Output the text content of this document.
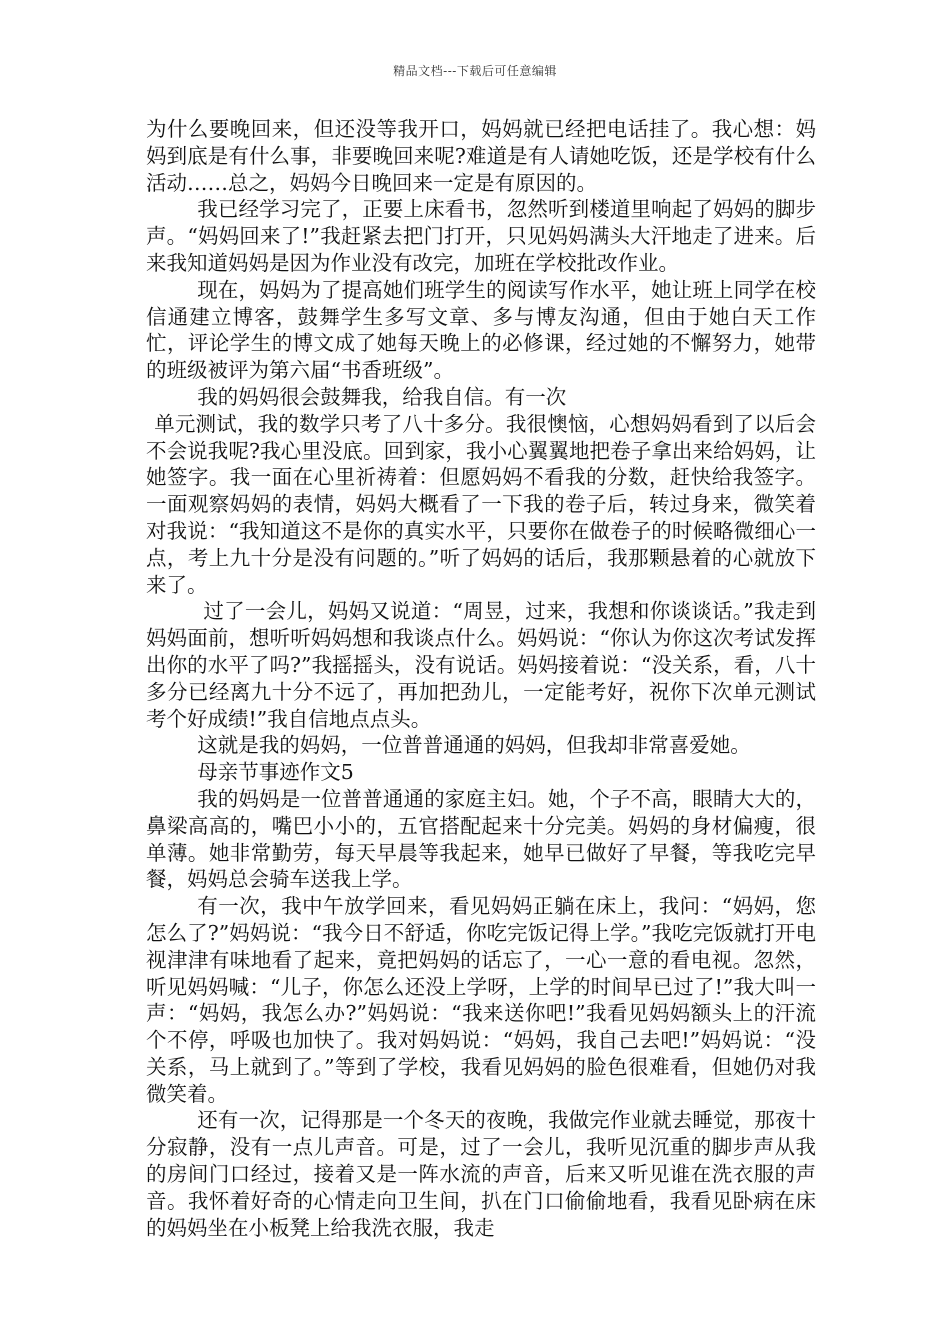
精品文档---下载后可任意编辑

为什么要晚回来，但还没等我开口，妈妈就已经把电话挂了。我心想：妈妈到底是有什么事，非要晚回来呢?难道是有人请她吃饭，还是学校有什么活动……总之，妈妈今日晚回来一定是有原因的。

我已经学习完了，正要上床看书，忽然听到楼道里响起了妈妈的脚步声。“妈妈回来了!”我赶紧去把门打开，只见妈妈满头大汗地走了进来。后来我知道妈妈是因为作业没有改完，加班在学校批改作业。

现在，妈妈为了提高她们班学生的阅读写作水平，她让班上同学在校信通建立博客，鼓舞学生多写文章、多与博友沟通，但由于她白天工作忙，评论学生的博文成了她每天晚上的必修课，经过她的不懈努力，她带的班级被评为第六届“书香班级”。

我的妈妈很会鼓舞我，给我自信。有一次

单元测试，我的数学只考了八十多分。我很懊恼，心想妈妈看到了以后会不会说我呢?我心里没底。回到家，我小心翼翼地把卷子拿出来给妈妈，让她签字。我一面在心里祈祷着：但愿妈妈不看我的分数，赶快给我签字。一面观察妈妈的表情，妈妈大概看了一下我的卷子后，转过身来，微笑着对我说：“我知道这不是你的真实水平，只要你在做卷子的时候略微细心一点，考上九十分是没有问题的。”听了妈妈的话后，我那颗悬着的心就放下来了。

过了一会儿，妈妈又说道：“周昱，过来，我想和你谈谈话。”我走到妈妈面前，想听听妈妈想和我谈点什么。妈妈说：“你认为你这次考试发挥出你的水平了吗?”我摇摇头，没有说话。妈妈接着说：“没关系，看，八十多分已经离九十分不远了，再加把劲儿，一定能考好，祝你下次单元测试考个好成绩!”我自信地点点头。

这就是我的妈妈，一位普普通通的妈妈，但我却非常喜爱她。

母亲节事迹作文5

我的妈妈是一位普普通通的家庭主妇。她，个子不高，眼睛大大的，鼻梁高高的，嘴巴小小的，五官搭配起来十分完美。妈妈的身材偏瘦，很单薄。她非常勤劳，每天早晨等我起来，她早已做好了早餐，等我吃完早餐，妈妈总会骑车送我上学。

有一次，我中午放学回来，看见妈妈正躺在床上，我问：“妈妈，您怎么了?”妈妈说：“我今日不舒适，你吃完饭记得上学。”我吃完饭就打开电视津津有味地看了起来，竟把妈妈的话忘了，一心一意的看电视。忽然，听见妈妈喊：“儿子，你怎么还没上学呀，上学的时间早已过了!”我大叫一声：“妈妈，我怎么办?”妈妈说：“我来送你吧!”我看见妈妈额头上的汗流个不停，呼吸也加快了。我对妈妈说：“妈妈，我自己去吧!”妈妈说：“没关系，马上就到了。”等到了学校，我看见妈妈的脸色很难看，但她仍对我微笑着。

还有一次，记得那是一个冬天的夜晚，我做完作业就去睡觉，那夜十分寂静，没有一点儿声音。可是，过了一会儿，我听见沉重的脚步声从我的房间门口经过，接着又是一阵水流的声音，后来又听见谁在洗衣服的声音。我怀着好奇的心情走向卫生间，扒在门口偷偷地看，我看见卧病在床的妈妈坐在小板凳上给我洗衣服，我走
